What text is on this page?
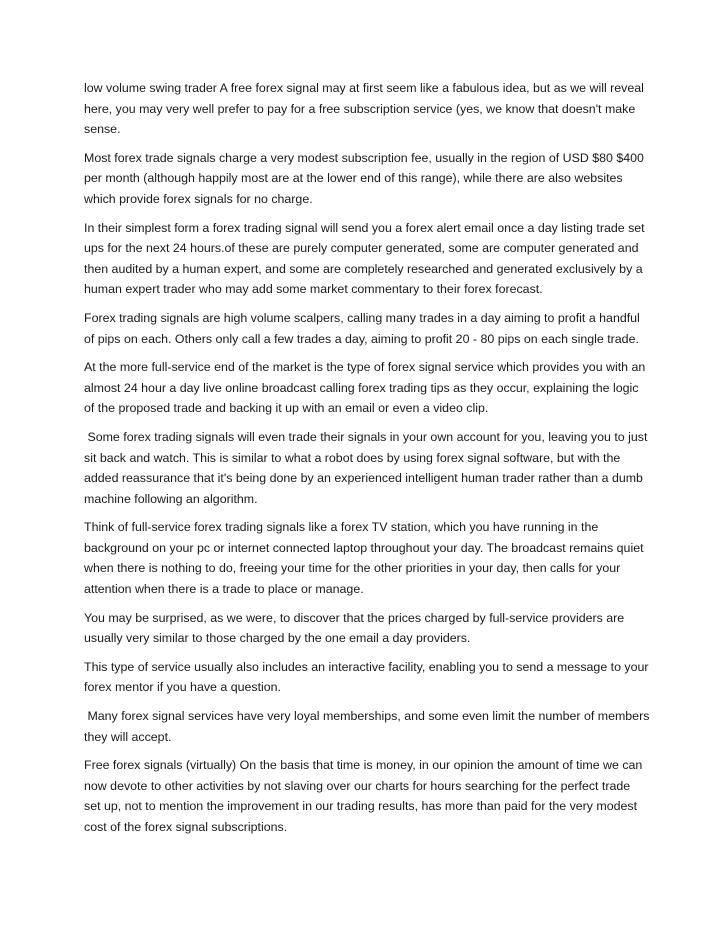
low volume swing trader A free forex signal may at first seem like a fabulous idea, but as we will reveal here, you may very well prefer to pay for a free subscription service (yes, we know that doesn't make sense.

Most forex trade signals charge a very modest subscription fee, usually in the region of USD $80 $400 per month (although happily most are at the lower end of this range), while there are also websites which provide forex signals for no charge.

In their simplest form a forex trading signal will send you a forex alert email once a day listing trade set ups for the next 24 hours.of these are purely computer generated, some are computer generated and then audited by a human expert, and some are completely researched and generated exclusively by a human expert trader who may add some market commentary to their forex forecast.

Forex trading signals are high volume scalpers, calling many trades in a day aiming to profit a handful of pips on each. Others only call a few trades a day, aiming to profit 20 - 80 pips on each single trade.

At the more full-service end of the market is the type of forex signal service which provides you with an almost 24 hour a day live online broadcast calling forex trading tips as they occur, explaining the logic of the proposed trade and backing it up with an email or even a video clip.

Some forex trading signals will even trade their signals in your own account for you, leaving you to just sit back and watch. This is similar to what a robot does by using forex signal software, but with the added reassurance that it's being done by an experienced intelligent human trader rather than a dumb machine following an algorithm.

Think of full-service forex trading signals like a forex TV station, which you have running in the background on your pc or internet connected laptop throughout your day. The broadcast remains quiet when there is nothing to do, freeing your time for the other priorities in your day, then calls for your attention when there is a trade to place or manage.

You may be surprised, as we were, to discover that the prices charged by full-service providers are usually very similar to those charged by the one email a day providers.

This type of service usually also includes an interactive facility, enabling you to send a message to your forex mentor if you have a question.

Many forex signal services have very loyal memberships, and some even limit the number of members they will accept.

Free forex signals (virtually) On the basis that time is money, in our opinion the amount of time we can now devote to other activities by not slaving over our charts for hours searching for the perfect trade set up, not to mention the improvement in our trading results, has more than paid for the very modest cost of the forex signal subscriptions.
